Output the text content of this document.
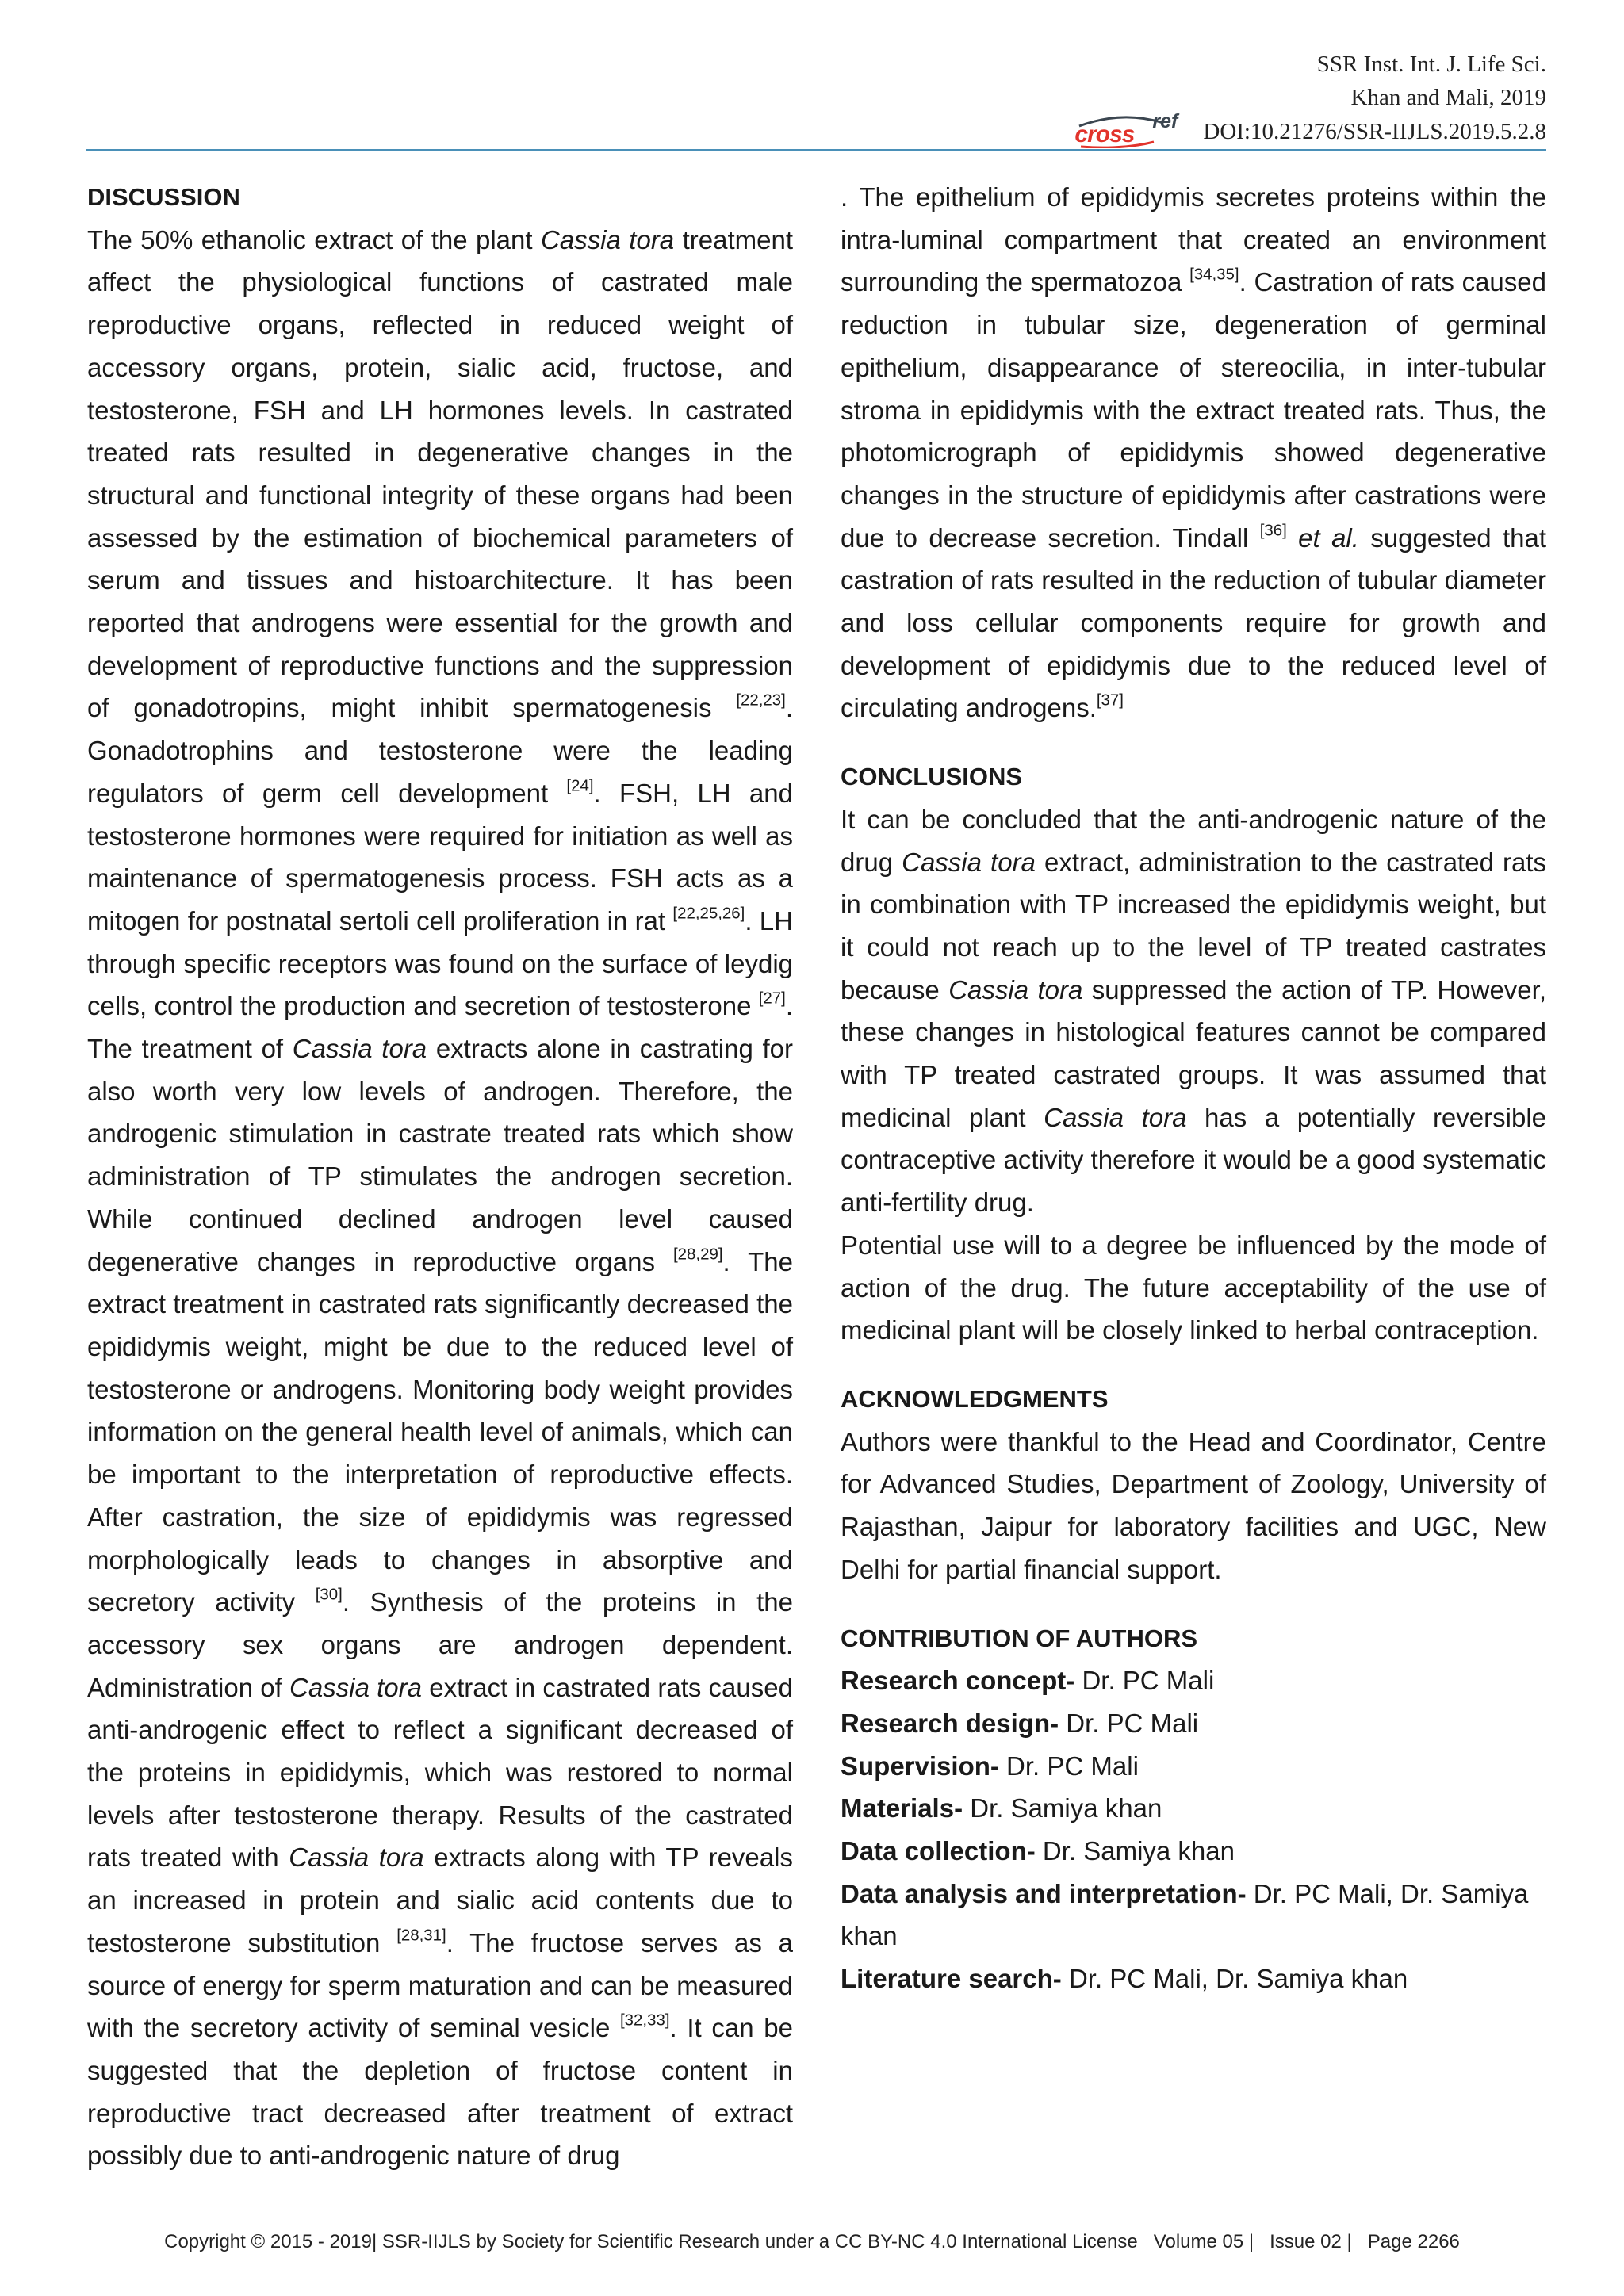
SSR Inst. Int. J. Life Sci.
Khan and Mali, 2019
cross ref DOI:10.21276/SSR-IIJLS.2019.5.2.8
DISCUSSION

The 50% ethanolic extract of the plant Cassia tora treatment affect the physiological functions of castrated male reproductive organs, reflected in reduced weight of accessory organs, protein, sialic acid, fructose, and testosterone, FSH and LH hormones levels. In castrated treated rats resulted in degenerative changes in the structural and functional integrity of these organs had been assessed by the estimation of biochemical parameters of serum and tissues and histoarchitecture. It has been reported that androgens were essential for the growth and development of reproductive functions and the suppression of gonadotropins, might inhibit spermatogenesis [22,23]. Gonadotrophins and testosterone were the leading regulators of germ cell development [24]. FSH, LH and testosterone hormones were required for initiation as well as maintenance of spermatogenesis process. FSH acts as a mitogen for postnatal sertoli cell proliferation in rat [22,25,26]. LH through specific receptors was found on the surface of leydig cells, control the production and secretion of testosterone [27]. The treatment of Cassia tora extracts alone in castrating for also worth very low levels of androgen. Therefore, the androgenic stimulation in castrate treated rats which show administration of TP stimulates the androgen secretion. While continued declined androgen level caused degenerative changes in reproductive organs [28,29]. The extract treatment in castrated rats significantly decreased the epididymis weight, might be due to the reduced level of testosterone or androgens. Monitoring body weight provides information on the general health level of animals, which can be important to the interpretation of reproductive effects. After castration, the size of epididymis was regressed morphologically leads to changes in absorptive and secretory activity [30]. Synthesis of the proteins in the accessory sex organs are androgen dependent. Administration of Cassia tora extract in castrated rats caused anti-androgenic effect to reflect a significant decreased of the proteins in epididymis, which was restored to normal levels after testosterone therapy. Results of the castrated rats treated with Cassia tora extracts along with TP reveals an increased in protein and sialic acid contents due to testosterone substitution [28,31]. The fructose serves as a source of energy for sperm maturation and can be measured with the secretory activity of seminal vesicle [32,33]. It can be suggested that the depletion of fructose content in reproductive tract decreased after treatment of extract possibly due to anti-androgenic nature of drug

. The epithelium of epididymis secretes proteins within the intra-luminal compartment that created an environment surrounding the spermatozoa [34,35]. Castration of rats caused reduction in tubular size, degeneration of germinal epithelium, disappearance of stereocilia, in inter-tubular stroma in epididymis with the extract treated rats. Thus, the photomicrograph of epididymis showed degenerative changes in the structure of epididymis after castrations were due to decrease secretion. Tindall [36] et al. suggested that castration of rats resulted in the reduction of tubular diameter and loss cellular components require for growth and development of epididymis due to the reduced level of circulating androgens.[37]

CONCLUSIONS

It can be concluded that the anti-androgenic nature of the drug Cassia tora extract, administration to the castrated rats in combination with TP increased the epididymis weight, but it could not reach up to the level of TP treated castrates because Cassia tora suppressed the action of TP. However, these changes in histological features cannot be compared with TP treated castrated groups. It was assumed that medicinal plant Cassia tora has a potentially reversible contraceptive activity therefore it would be a good systematic anti-fertility drug.

Potential use will to a degree be influenced by the mode of action of the drug. The future acceptability of the use of medicinal plant will be closely linked to herbal contraception.

ACKNOWLEDGMENTS

Authors were thankful to the Head and Coordinator, Centre for Advanced Studies, Department of Zoology, University of Rajasthan, Jaipur for laboratory facilities and UGC, New Delhi for partial financial support.

CONTRIBUTION OF AUTHORS

Research concept- Dr. PC Mali

Research design- Dr. PC Mali

Supervision- Dr. PC Mali

Materials- Dr. Samiya khan

Data collection- Dr. Samiya khan

Data analysis and interpretation- Dr. PC Mali, Dr. Samiya khan

Literature search- Dr. PC Mali, Dr. Samiya khan

Copyright © 2015 - 2019| SSR-IIJLS by Society for Scientific Research under a CC BY-NC 4.0 International License Volume 05 | Issue 02 | Page 2266
